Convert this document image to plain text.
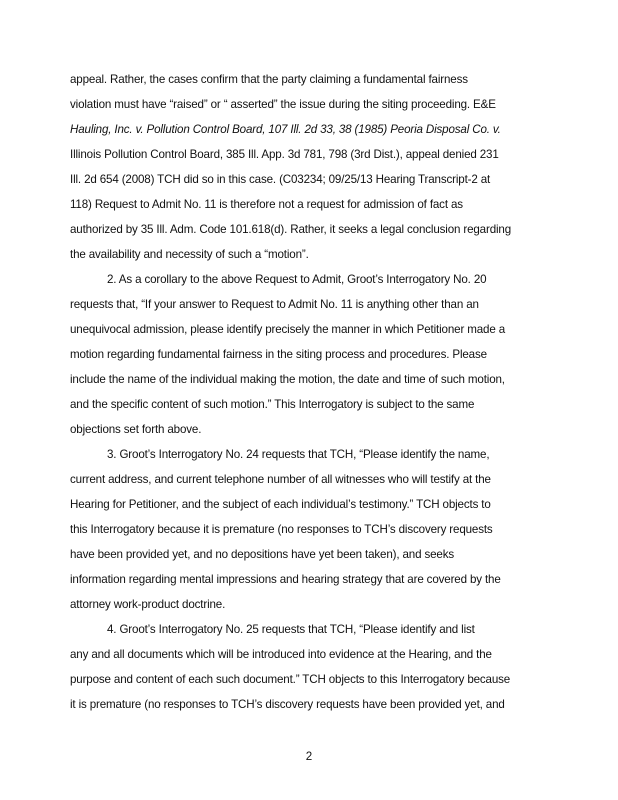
appeal. Rather, the cases confirm that the party claiming a fundamental fairness
violation must have “raised” or “ asserted” the issue during the siting proceeding. E&E
Hauling, Inc. v. Pollution Control Board, 107 Ill. 2d 33, 38 (1985) Peoria Disposal Co. v.
Illinois Pollution Control Board, 385 Ill. App. 3d 781, 798 (3rd Dist.), appeal denied 231
Ill. 2d 654 (2008) TCH did so in this case. (C03234; 09/25/13 Hearing Transcript-2 at
118) Request to Admit No. 11 is therefore not a request for admission of fact as
authorized by 35 Ill. Adm. Code 101.618(d). Rather, it seeks a legal conclusion regarding
the availability and necessity of such a “motion”.
2. As a corollary to the above Request to Admit, Groot’s Interrogatory No. 20
requests that, “If your answer to Request to Admit No. 11 is anything other than an
unequivocal admission, please identify precisely the manner in which Petitioner made a
motion regarding fundamental fairness in the siting process and procedures. Please
include the name of the individual making the motion, the date and time of such motion,
and the specific content of such motion.” This Interrogatory is subject to the same
objections set forth above.
3. Groot’s Interrogatory No. 24 requests that TCH, “Please identify the name,
current address, and current telephone number of all witnesses who will testify at the
Hearing for Petitioner, and the subject of each individual’s testimony.” TCH objects to
this Interrogatory because it is premature (no responses to TCH’s discovery requests
have been provided yet, and no depositions have yet been taken), and seeks
information regarding mental impressions and hearing strategy that are covered by the
attorney work-product doctrine.
4. Groot’s Interrogatory No. 25 requests that TCH, “Please identify and list
any and all documents which will be introduced into evidence at the Hearing, and the
purpose and content of each such document.” TCH objects to this Interrogatory because
it is premature (no responses to TCH’s discovery requests have been provided yet, and
2
